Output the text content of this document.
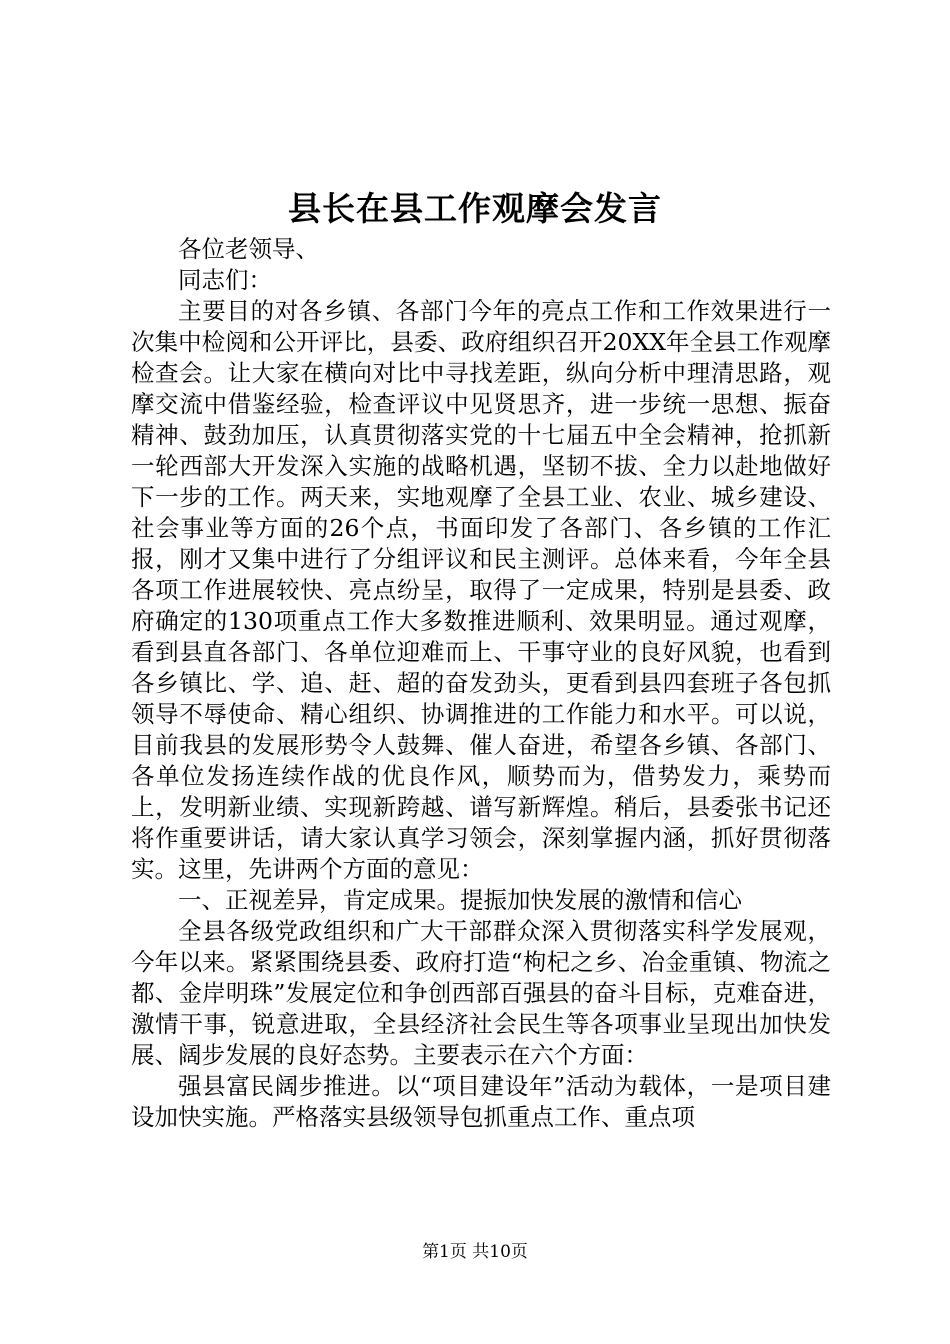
县长在县工作观摩会发言

各位老领导、

同志们：

主要目的对各乡镇、各部门今年的亮点工作和工作效果进行一次集中检阅和公开评比，县委、政府组织召开20XX年全县工作观摩检查会。让大家在横向对比中寻找差距，纵向分析中理清思路，观摩交流中借鉴经验，检查评议中见贤思齐，进一步统一思想、振奋精神、鼓劲加压，认真贯彻落实党的十七届五中全会精神，抢抓新一轮西部大开发深入实施的战略机遇，坚韧不拔、全力以赴地做好下一步的工作。两天来，实地观摩了全县工业、农业、城乡建设、社会事业等方面的26个点，书面印发了各部门、各乡镇的工作汇报，刚才又集中进行了分组评议和民主测评。总体来看，今年全县各项工作进展较快、亮点纷呈，取得了一定成果，特别是县委、政府确定的130项重点工作大多数推进顺利、效果明显。通过观摩，看到县直各部门、各单位迎难而上、干事守业的良好风貌，也看到各乡镇比、学、追、赶、超的奋发劲头，更看到县四套班子各包抓领导不辱使命、精心组织、协调推进的工作能力和水平。可以说，目前我县的发展形势令人鼓舞、催人奋进，希望各乡镇、各部门、各单位发扬连续作战的优良作风，顺势而为，借势发力，乘势而上，发明新业绩、实现新跨越、谱写新辉煌。稍后，县委张书记还将作重要讲话，请大家认真学习领会，深刻掌握内涵，抓好贯彻落实。这里，先讲两个方面的意见：

一、正视差异，肯定成果。提振加快发展的激情和信心

全县各级党政组织和广大干部群众深入贯彻落实科学发展观，今年以来。紧紧围绕县委、政府打造“枸杞之乡、冶金重镇、物流之都、金岸明珠”发展定位和争创西部百强县的奋斗目标，克难奋进，激情干事，锐意进取，全县经济社会民生等各项事业呈现出加快发展、阔步发展的良好态势。主要表示在六个方面：

强县富民阔步推进。以“项目建设年”活动为载体，一是项目建设加快实施。严格落实县级领导包抓重点工作、重点项

第1页 共10页
